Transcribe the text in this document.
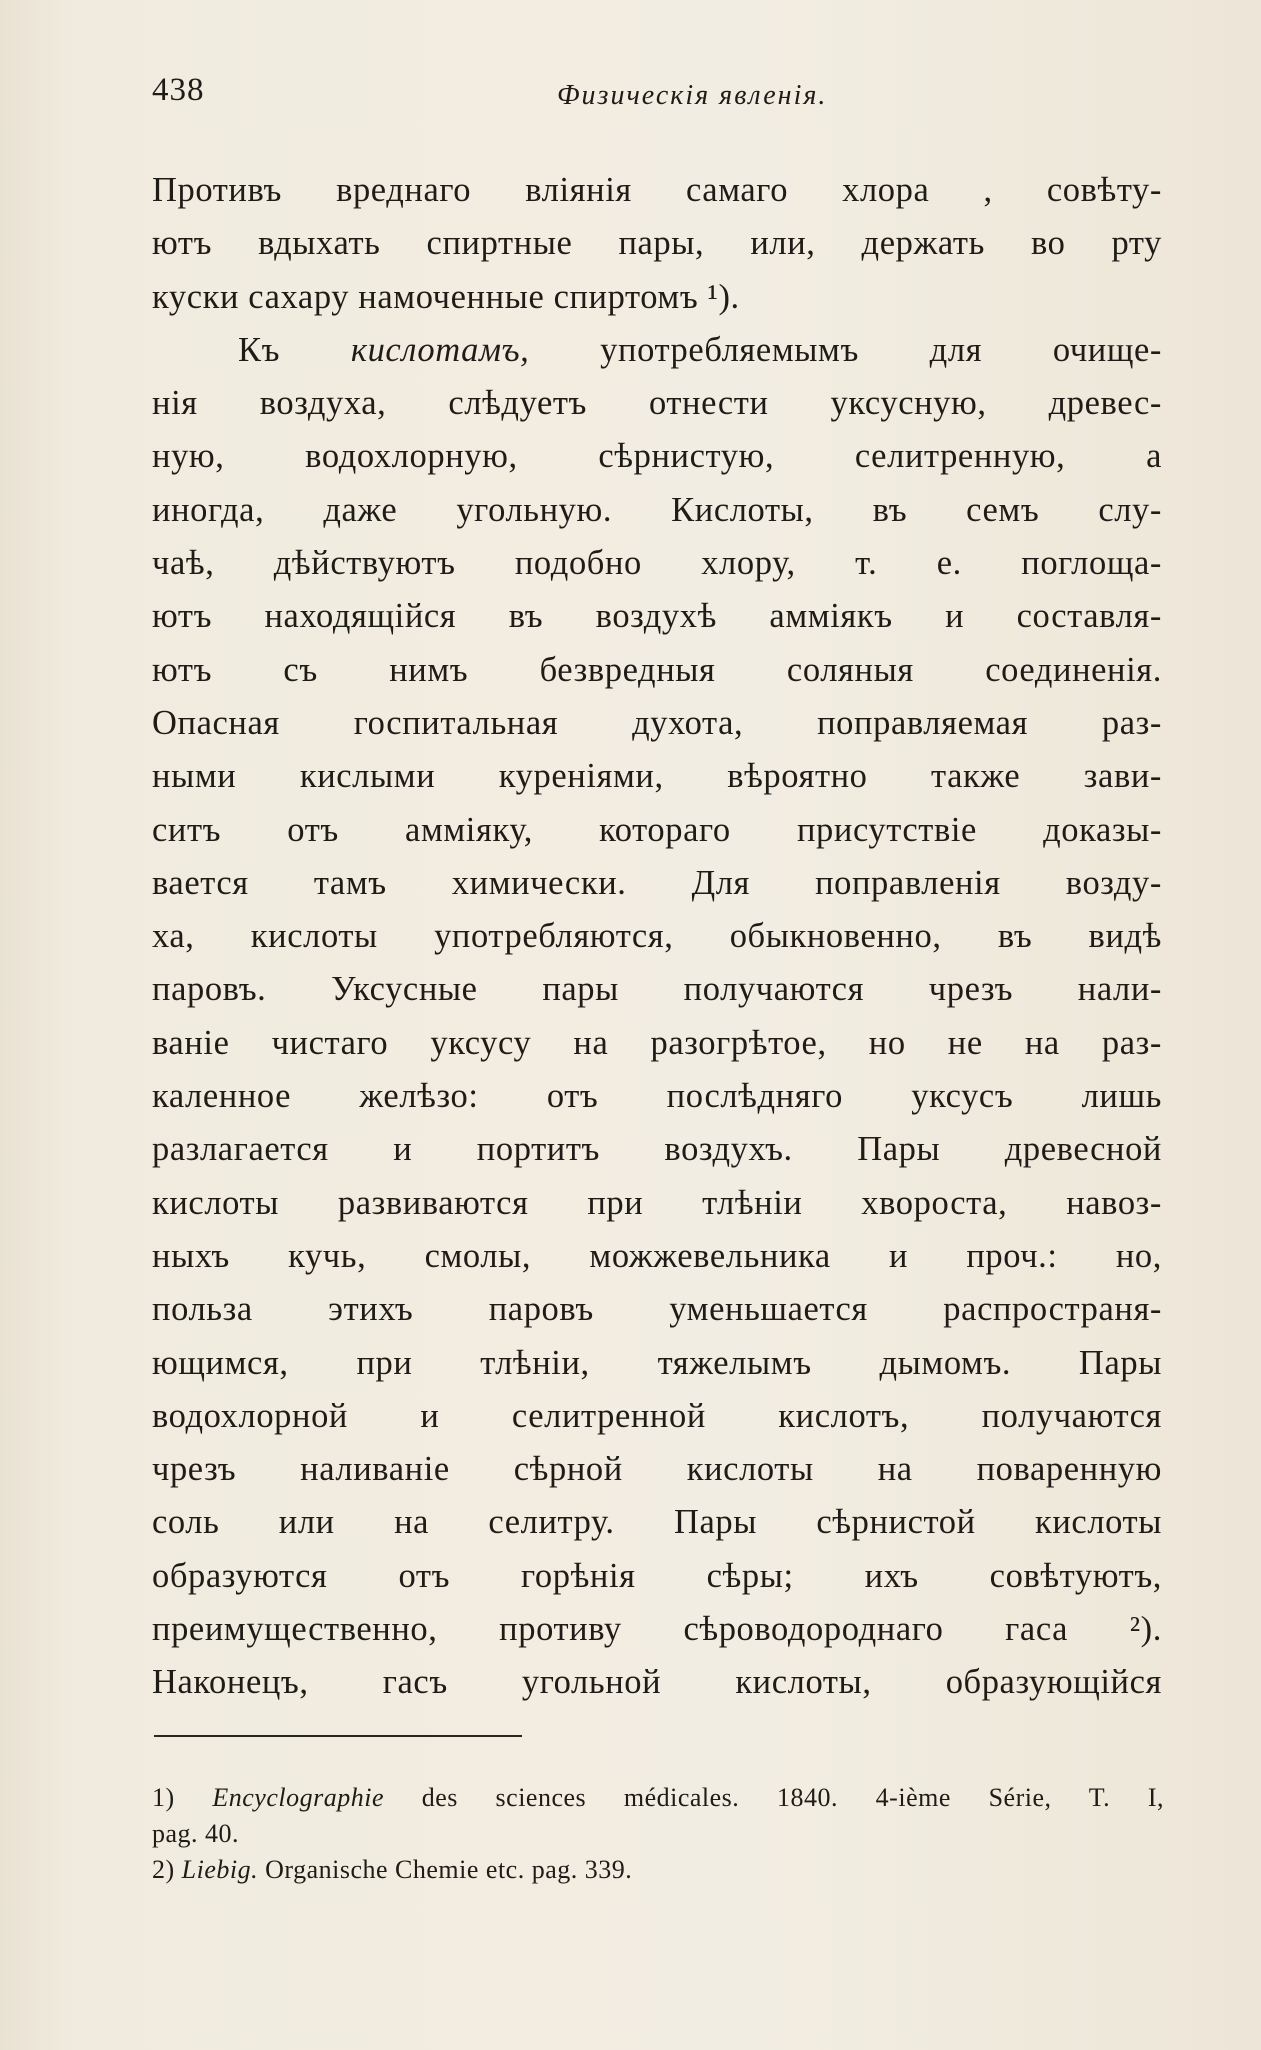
438	Физическія явленія.
Противъ вреднаго вліянія самаго хлора , совѣту-
ютъ вдыхать спиртные пары, или, держать во рту
куски сахару намоченные спиртомъ ¹).
Къ кислотамъ, употребляемымъ для очище-
нія воздуха, слѣдуетъ отнести уксусную, древес-
ную, водохлорную, сѣрнистую, селитренную, а
иногда, даже угольную. Кислоты, въ семъ слу-
чаѣ, дѣйствуютъ подобно хлору, т. е. поглоща-
ютъ находящійся въ воздухѣ аммiякъ и составля-
ютъ съ нимъ безвредныя соляныя соединенія.
Опасная госпитальная духота, поправляемая раз-
ными кислыми куреніями, вѣроятно также зави-
ситъ отъ аммiяку, котораго присутствіе доказы-
вается тамъ химически. Для поправленія возду-
ха, кислоты употребляются, обыкновенно, въ видѣ
паровъ. Уксусные пары получаются чрезъ нали-
ваніе чистаго уксусу на разогрѣтое, но не на раз-
каленное желѣзо: отъ послѣдняго уксусъ лишь
разлагается и портитъ воздухъ. Пары древесной
кислоты развиваются при тлѣніи хвороста, навоз-
ныхъ кучь, смолы, можжевельника и проч.: но,
польза этихъ паровъ уменьшается распространя-
ющимся, при тлѣніи, тяжелымъ дымомъ. Пары
водохлорной и селитренной кислотъ, получаются
чрезъ наливаніе сѣрной кислоты на поваренную
соль или на селитру. Пары сѣрнистой кислоты
образуются отъ горѣнія сѣры; ихъ совѣтуютъ,
преимущественно, противу сѣроводороднаго гаса ²).
Наконецъ, гасъ угольной кислоты, образующійся
1) Encyclographie des sciences médicales. 1840. 4-ième Série, T. I,
pag. 40.
2) Liebig. Organische Chemie etc. pag. 339.
